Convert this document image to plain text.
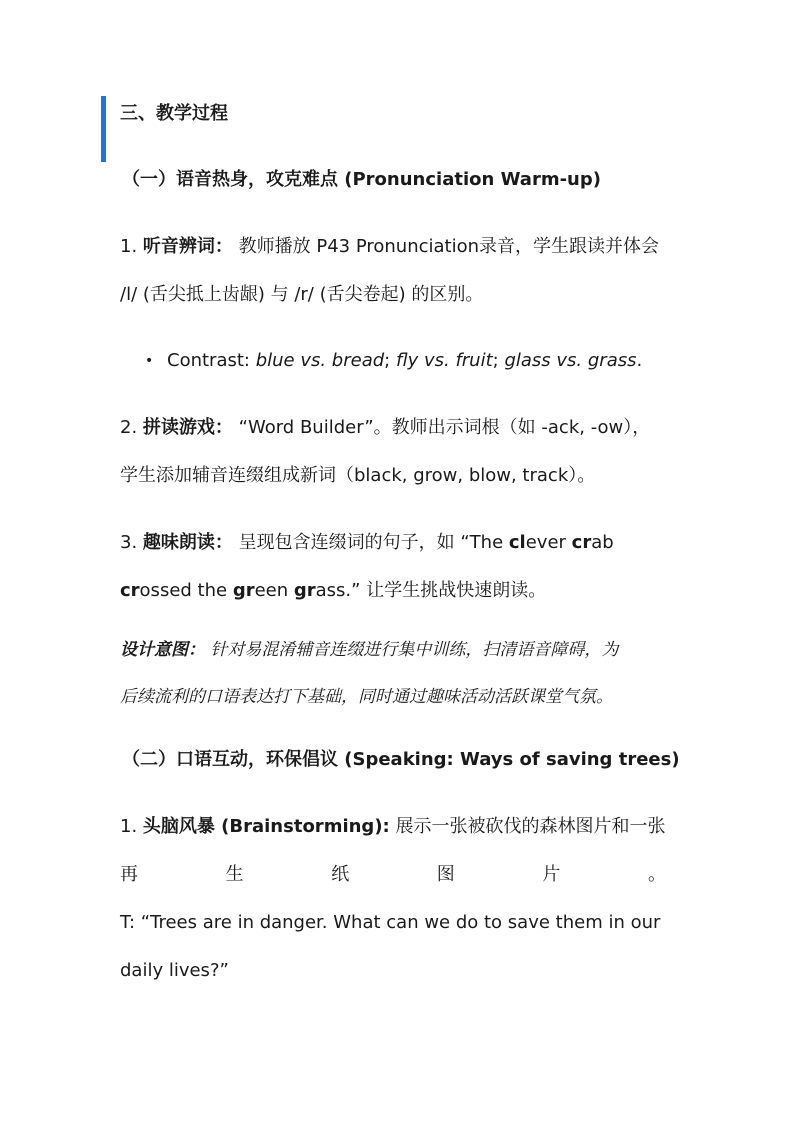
三、教学过程
（一）语音热身，攻克难点 (Pronunciation Warm-up)
1. 听音辨词： 教师播放 P43 Pronunciation录音，学生跟读并体会
/l/ (舌尖抵上齿龈) 与 /r/ (舌尖卷起) 的区别。
• Contrast: blue vs. bread; fly vs. fruit; glass vs. grass.
2. 拼读游戏： “Word Builder”。教师出示词根（如 -ack, -ow），
学生添加辅音连缀组成新词（black, grow, blow, track）。
3. 趣味朗读： 呈现包含连缀词的句子，如 “The clever crab
crossed the green grass.” 让学生挑战快速朗读。
设计意图： 针对易混淆辅音连缀进行集中训练，扫清语音障碍，为
后续流利的口语表达打下基础，同时通过趣味活动活跃课堂气氛。
（二）口语互动，环保倡议 (Speaking: Ways of saving trees)
1. 头脑风暴 (Brainstorming): 展示一张被砍伐的森林图片和一张
再	生	纸	图	片	。
T: “Trees are in danger. What can we do to save them in our
daily lives?”
